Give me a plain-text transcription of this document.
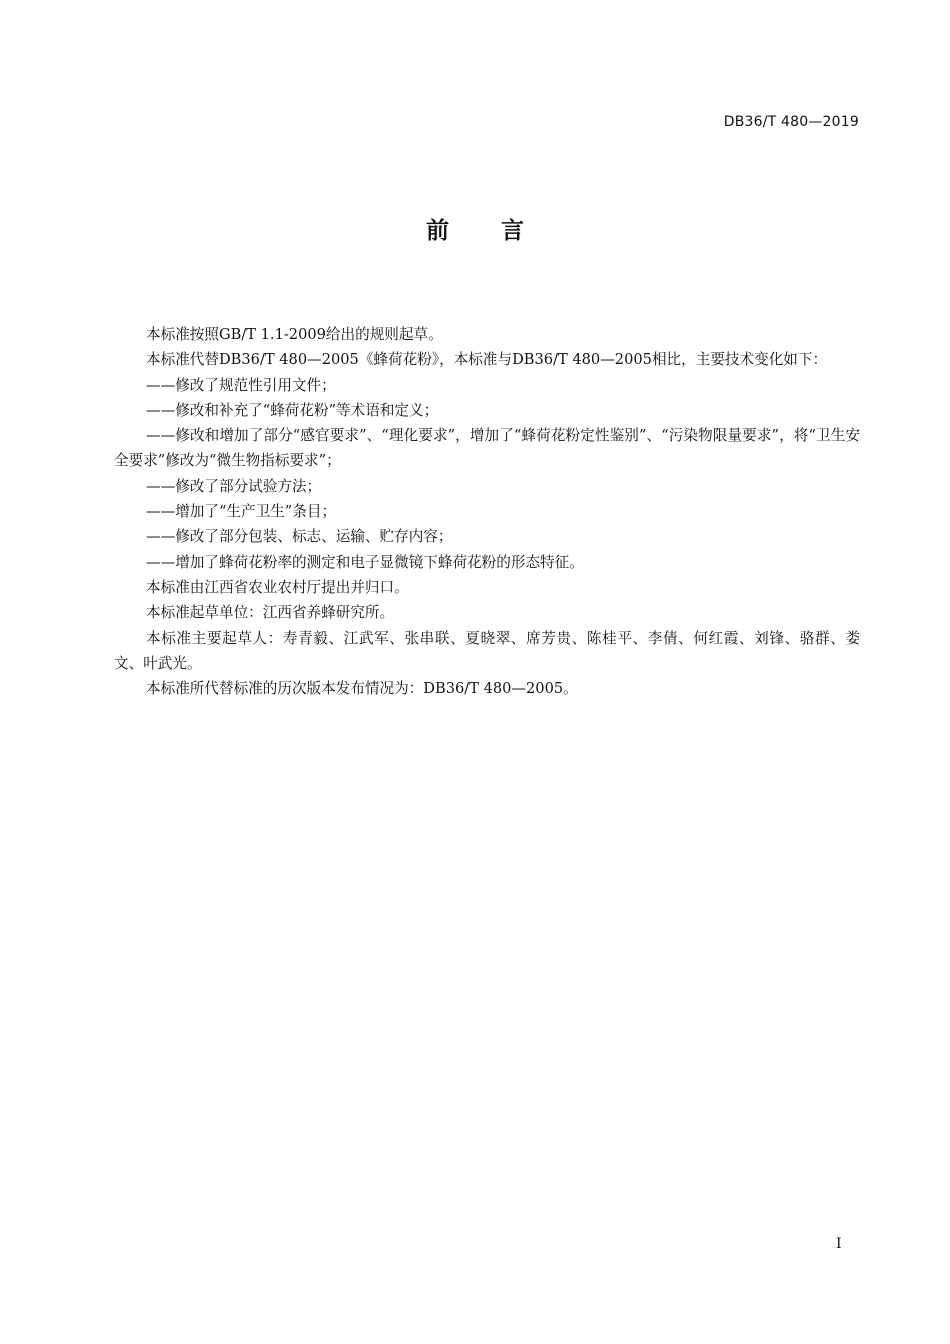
DB36/T 480—2019
前 言

本标准按照GB/T 1.1-2009给出的规则起草。

本标准代替DB36/T 480—2005《蜂荷花粉》，本标准与DB36/T 480—2005相比，主要技术变化如下：

——修改了规范性引用文件；

——修改和补充了“蜂荷花粉”等术语和定义；

——修改和增加了部分“感官要求”、“理化要求”，增加了“蜂荷花粉定性鉴别”、“污染物限量要求”，将“卫生安全要求”修改为“微生物指标要求”；

——修改了部分试验方法；

——增加了“生产卫生”条目；

——修改了部分包装、标志、运输、贮存内容；

——增加了蜂荷花粉率的测定和电子显微镜下蜂荷花粉的形态特征。

本标准由江西省农业农村厅提出并归口。

本标准起草单位：江西省养蜂研究所。

本标准主要起草人：寿青毅、江武军、张串联、夏晓翠、席芳贵、陈桂平、李倩、何红霞、刘锋、骆群、娄文、叶武光。

本标准所代替标准的历次版本发布情况为：DB36/T 480—2005。

I
